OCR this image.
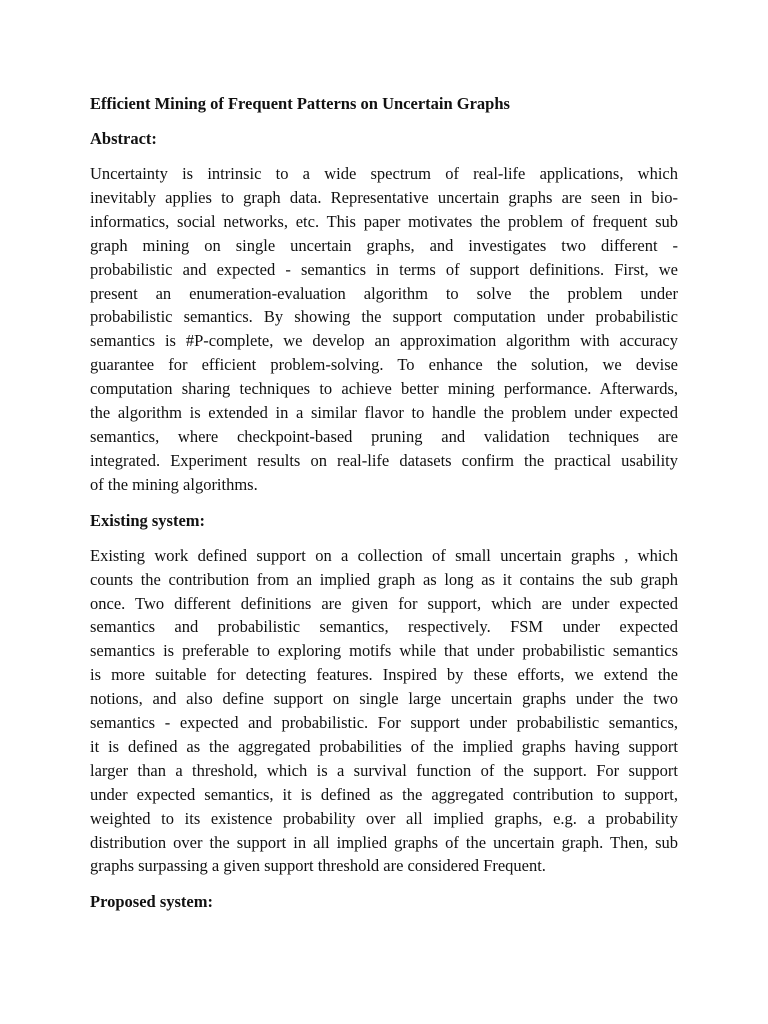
Efficient Mining of Frequent Patterns on Uncertain Graphs
Abstract:
Uncertainty is intrinsic to a wide spectrum of real-life applications, which
inevitably applies to graph data. Representative uncertain graphs are seen in bio-
informatics, social networks, etc. This paper motivates the problem of frequent sub
graph mining on single uncertain graphs, and investigates two different -
probabilistic and expected - semantics in terms of support definitions. First, we
present an enumeration-evaluation algorithm to solve the problem under
probabilistic semantics. By showing the support computation under probabilistic
semantics is #P-complete, we develop an approximation algorithm with accuracy
guarantee for efficient problem-solving. To enhance the solution, we devise
computation sharing techniques to achieve better mining performance. Afterwards,
the algorithm is extended in a similar flavor to handle the problem under expected
semantics, where checkpoint-based pruning and validation techniques are
integrated. Experiment results on real-life datasets confirm the practical usability
of the mining algorithms.
Existing system:
Existing work defined support on a collection of small uncertain graphs , which
counts the contribution from an implied graph as long as it contains the sub graph
once. Two different definitions are given for support, which are under expected
semantics and probabilistic semantics, respectively. FSM under expected
semantics is preferable to exploring motifs while that under probabilistic semantics
is more suitable for detecting features. Inspired by these efforts, we extend the
notions, and also define support on single large uncertain graphs under the two
semantics - expected and probabilistic. For support under probabilistic semantics,
it is defined as the aggregated probabilities of the implied graphs having support
larger than a threshold, which is a survival function of the support. For support
under expected semantics, it is defined as the aggregated contribution to support,
weighted to its existence probability over all implied graphs, e.g. a probability
distribution over the support in all implied graphs of the uncertain graph. Then, sub
graphs surpassing a given support threshold are considered Frequent.
Proposed system:
